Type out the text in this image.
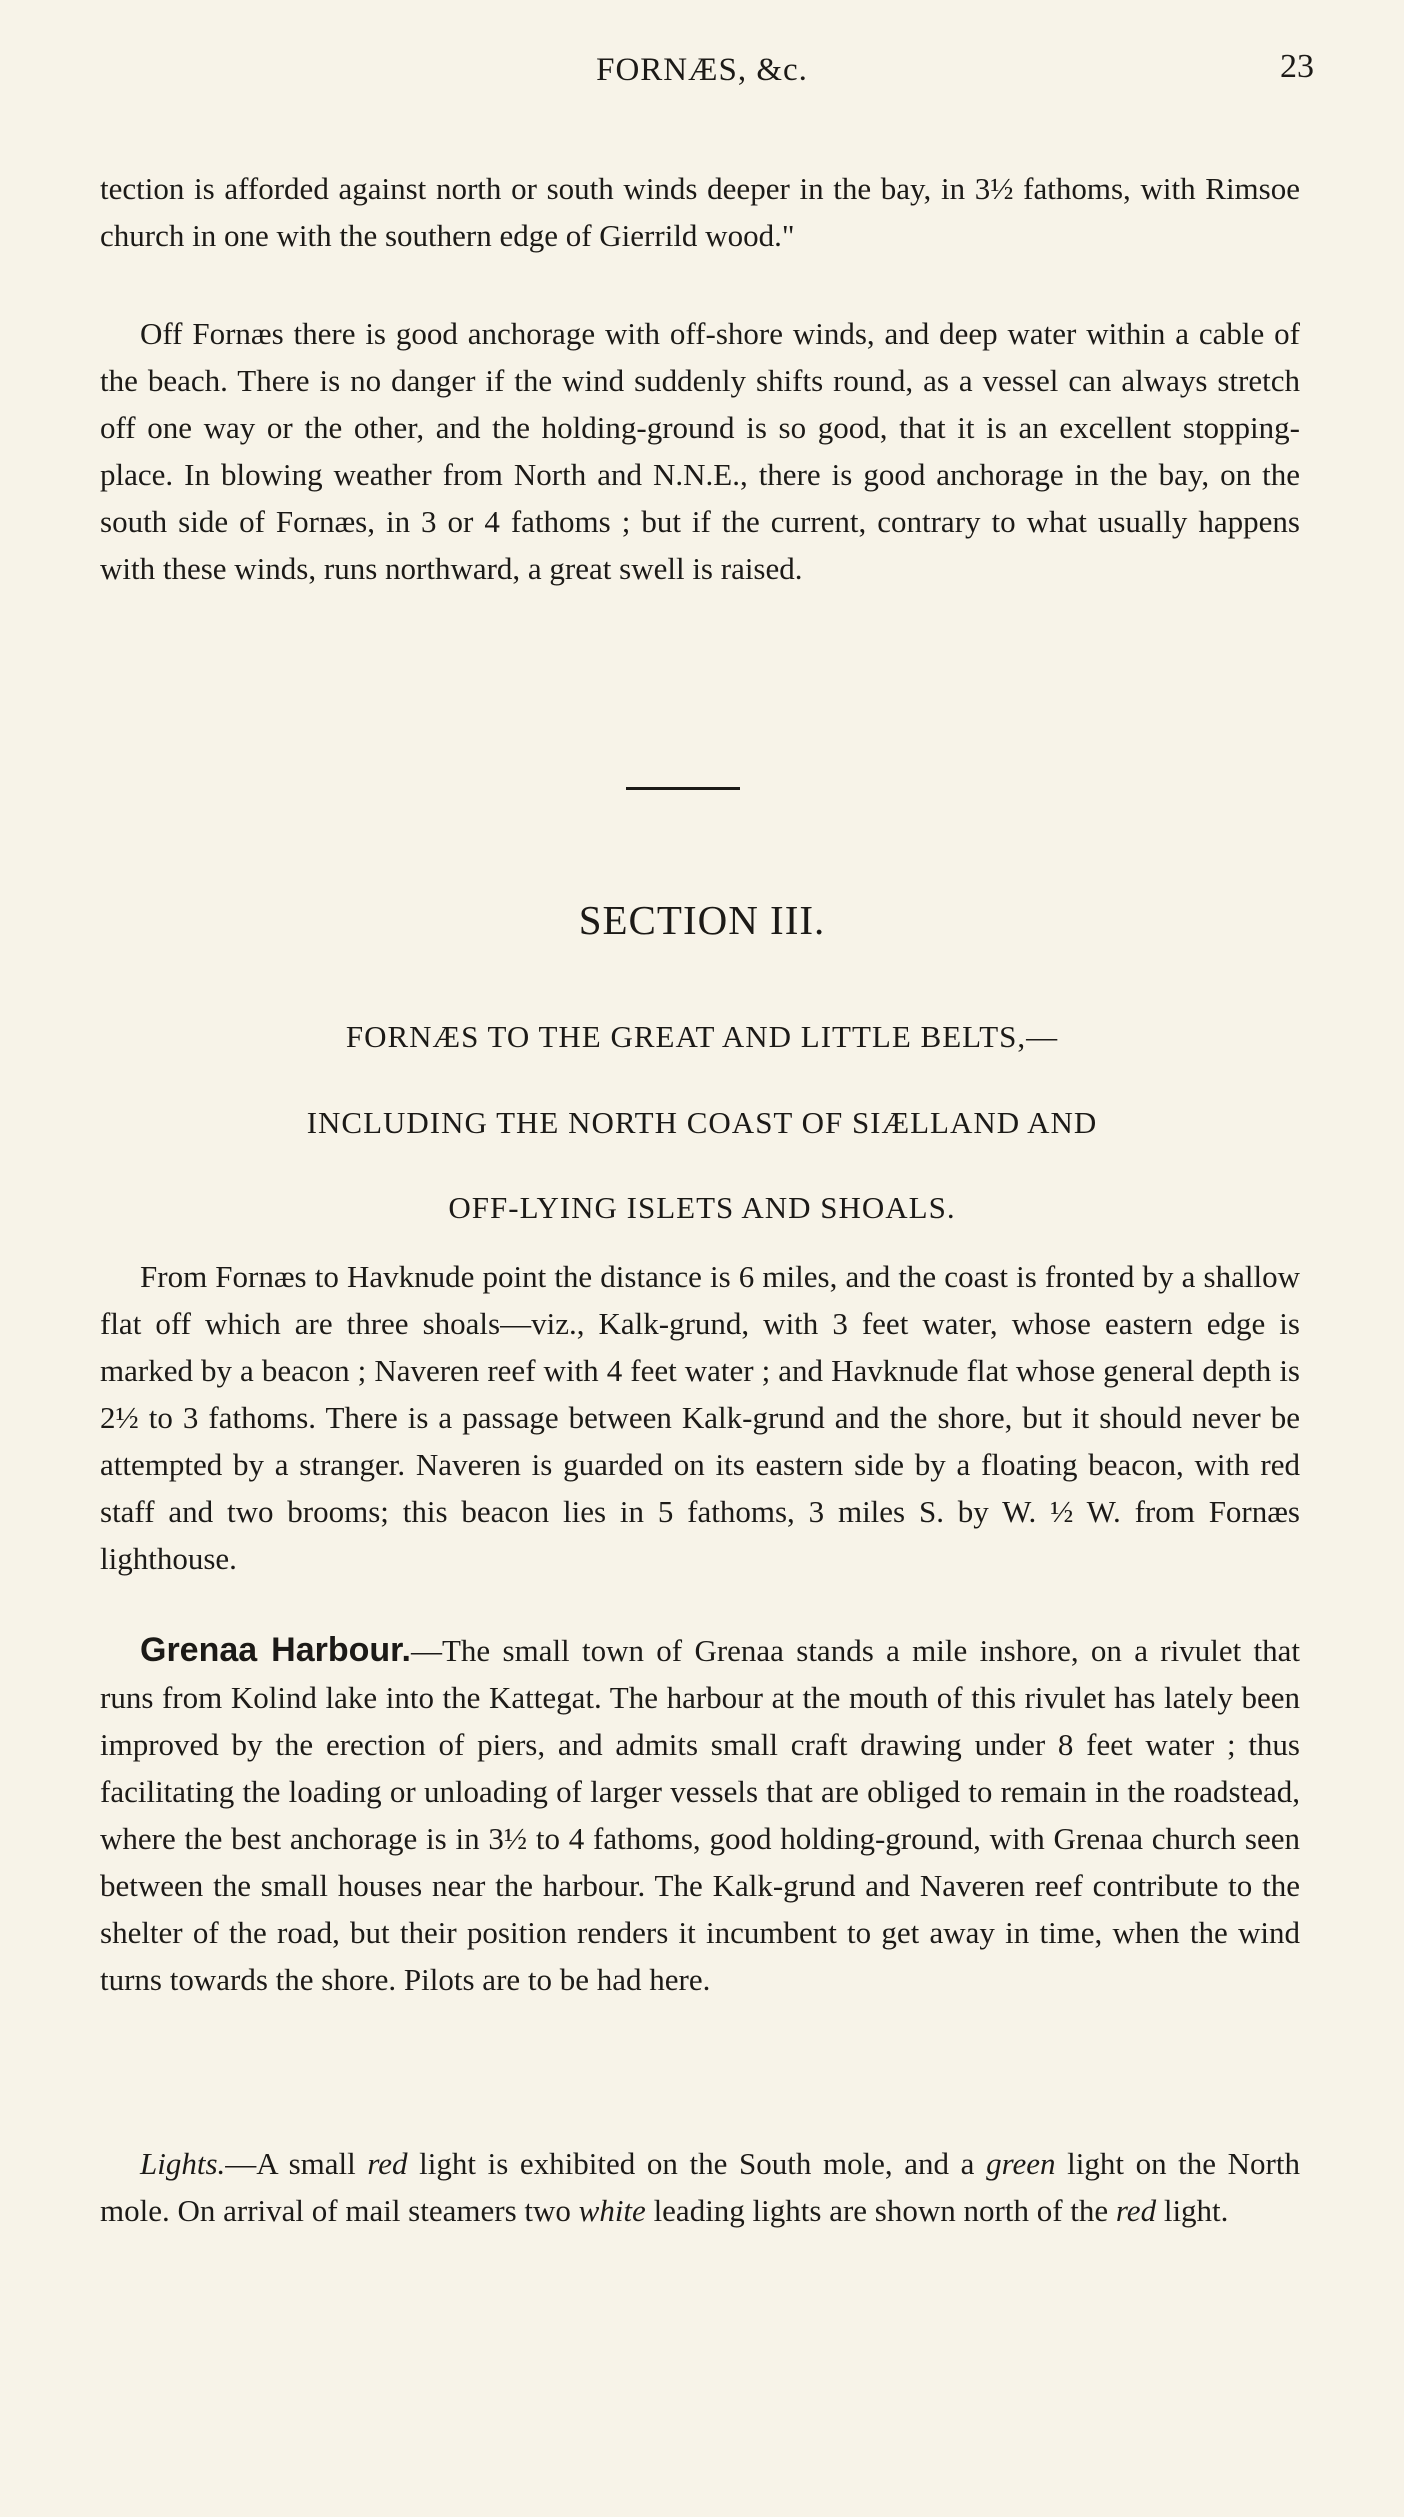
FORNÆS, &c.	23

tection is afforded against north or south winds deeper in the bay, in 3½ fathoms, with Rimsoe church in one with the southern edge of Gierrild wood."

Off Fornæs there is good anchorage with off-shore winds, and deep water within a cable of the beach. There is no danger if the wind suddenly shifts round, as a vessel can always stretch off one way or the other, and the holding-ground is so good, that it is an excellent stopping-place. In blowing weather from North and N.N.E., there is good anchorage in the bay, on the south side of Fornæs, in 3 or 4 fathoms ; but if the current, contrary to what usually happens with these winds, runs northward, a great swell is raised.

SECTION III.
FORNÆS TO THE GREAT AND LITTLE BELTS,—
INCLUDING THE NORTH COAST OF SIÆLLAND AND
OFF-LYING ISLETS AND SHOALS.

From Fornæs to Havknude point the distance is 6 miles, and the coast is fronted by a shallow flat off which are three shoals—viz., Kalk-grund, with 3 feet water, whose eastern edge is marked by a beacon ; Naveren reef with 4 feet water ; and Havknude flat whose general depth is 2½ to 3 fathoms. There is a passage between Kalk-grund and the shore, but it should never be attempted by a stranger. Naveren is guarded on its eastern side by a floating beacon, with red staff and two brooms; this beacon lies in 5 fathoms, 3 miles S. by W. ½ W. from Fornæs lighthouse.

Grenaa Harbour.—The small town of Grenaa stands a mile inshore, on a rivulet that runs from Kolind lake into the Kattegat. The harbour at the mouth of this rivulet has lately been improved by the erection of piers, and admits small craft drawing under 8 feet water ; thus facilitating the loading or unloading of larger vessels that are obliged to remain in the roadstead, where the best anchorage is in 3½ to 4 fathoms, good holding-ground, with Grenaa church seen between the small houses near the harbour. The Kalk-grund and Naveren reef contribute to the shelter of the road, but their position renders it incumbent to get away in time, when the wind turns towards the shore. Pilots are to be had here.

Lights.—A small red light is exhibited on the South mole, and a green light on the North mole. On arrival of mail steamers two white leading lights are shown north of the red light.
